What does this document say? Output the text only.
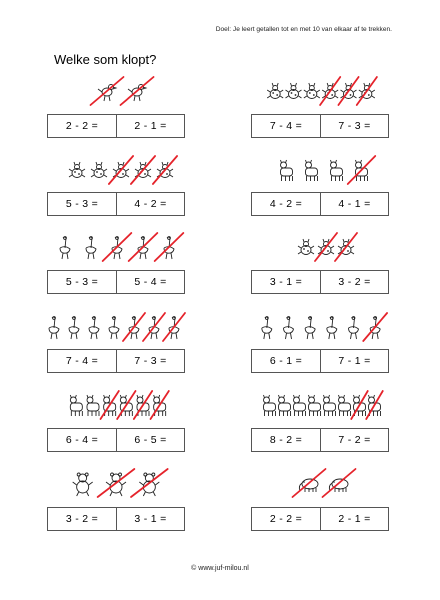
Doel: Je leert getallen tot en met 10 van elkaar af te trekken.
Welke som klopt?
2 - 2 =	2 - 1 =	7 - 4 =	7 - 3 =
5 - 3 =	4 - 2 =	4 - 2 =	4 - 1 =
5 - 3 =	5 - 4 =	3 - 1 =	3 - 2 =
7 - 4 =	7 - 3 =	6 - 1 =	7 - 1 =
6 - 4 =	6 - 5 =	8 - 2 =	7 - 2 =
3 - 2 =	3 - 1 =	2 - 2 =	2 - 1 =
© www.juf-milou.nl
